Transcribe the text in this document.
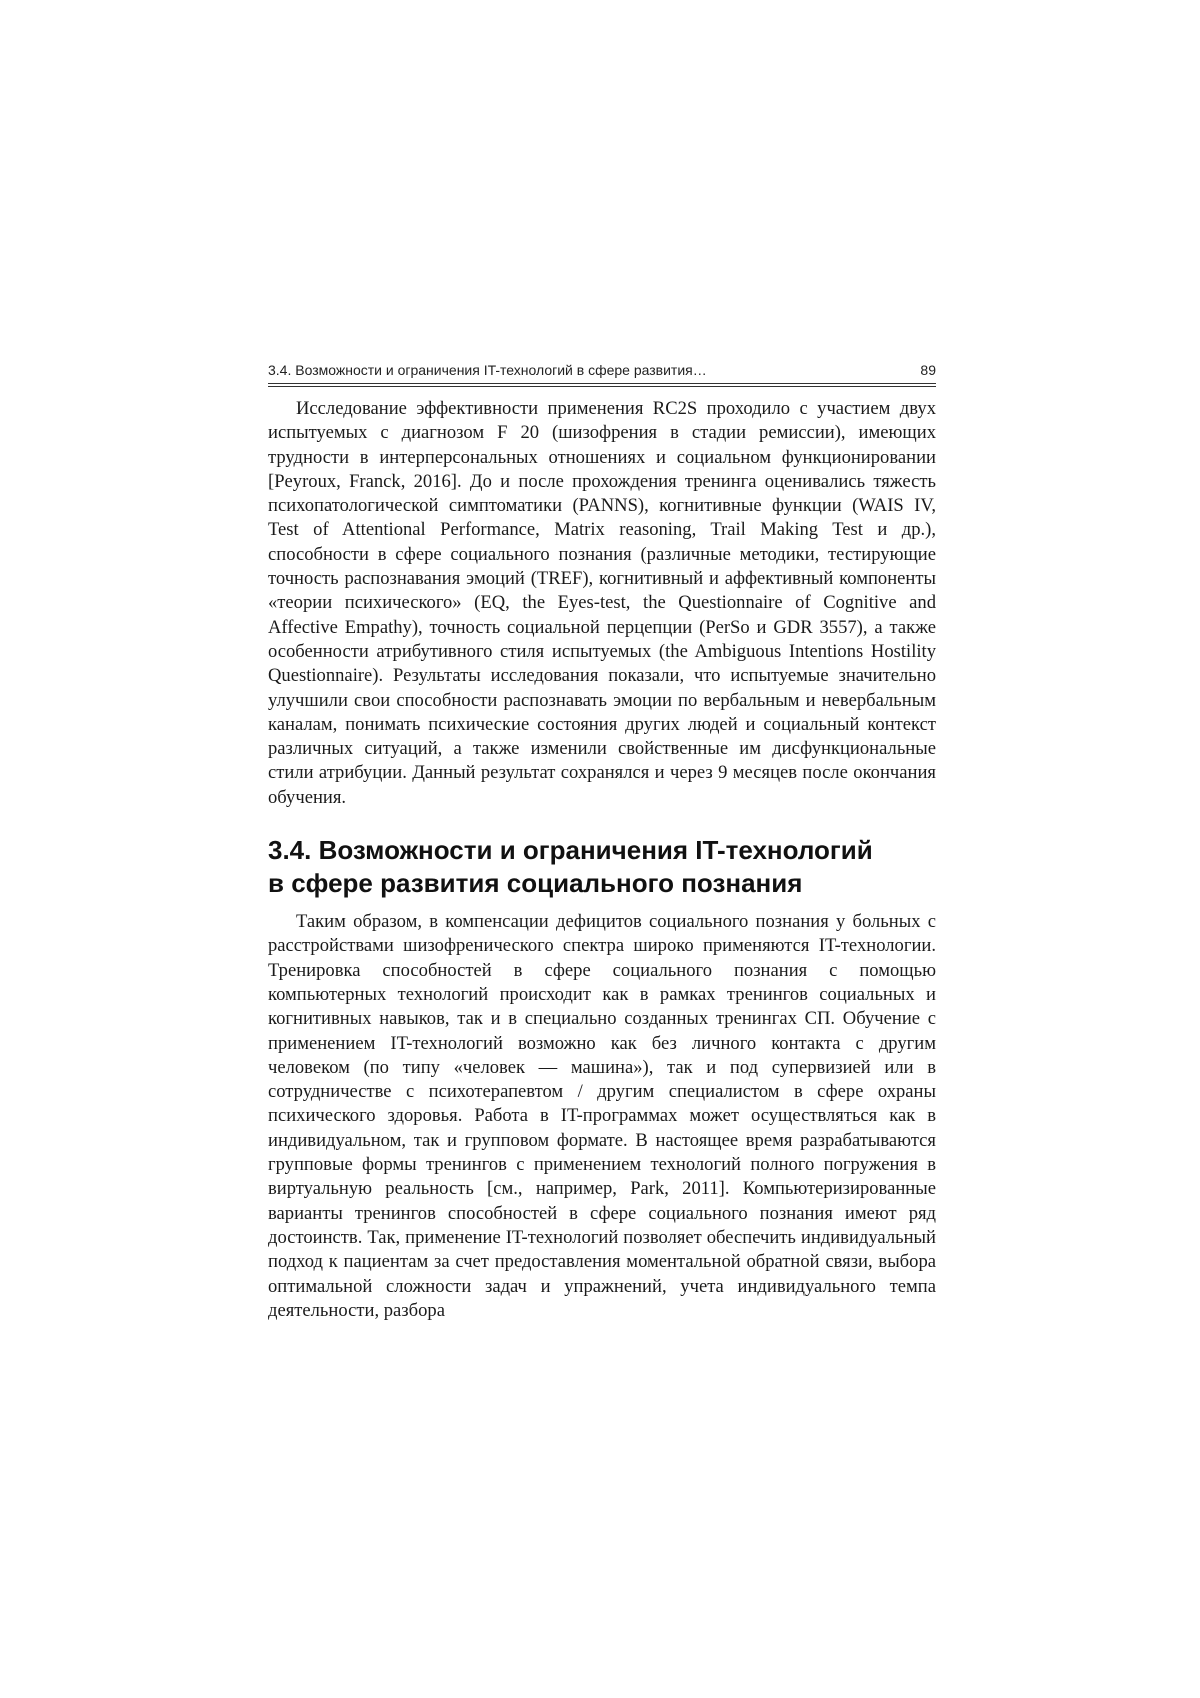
3.4. Возможности и ограничения IT-технологий в сфере развития…	89

Исследование эффективности применения RC2S проходило с участием двух испытуемых с диагнозом F 20 (шизофрения в стадии ремиссии), имеющих трудности в интерперсональных отношениях и социальном функционировании [Peyroux, Franck, 2016]. До и после прохождения тренинга оценивались тяжесть психопатологической симптоматики (PANNS), когнитивные функции (WAIS IV, Test of Attentional Performance, Matrix reasoning, Trail Making Test и др.), способности в сфере социального познания (различные методики, тестирующие точность распознавания эмоций (TREF), когнитивный и аффективный компоненты «теории психического» (EQ, the Eyes-test, the Questionnaire of Cognitive and Affective Empathy), точность социальной перцепции (PerSo и GDR 3557), а также особенности атрибутивного стиля испытуемых (the Ambiguous Intentions Hostility Questionnaire). Результаты исследования показали, что испытуемые значительно улучшили свои способности распознавать эмоции по вербальным и невербальным каналам, понимать психические состояния других людей и социальный контекст различных ситуаций, а также изменили свойственные им дисфункциональные стили атрибуции. Данный результат сохранялся и через 9 месяцев после окончания обучения.

3.4. Возможности и ограничения IT-технологий
в сфере развития социального познания

Таким образом, в компенсации дефицитов социального познания у больных с расстройствами шизофренического спектра широко применяются IT-технологии. Тренировка способностей в сфере социального познания с помощью компьютерных технологий происходит как в рамках тренингов социальных и когнитивных навыков, так и в специально созданных тренингах СП. Обучение с применением IT-технологий возможно как без личного контакта с другим человеком (по типу «человек — машина»), так и под супервизией или в сотрудничестве с психотерапевтом / другим специалистом в сфере охраны психического здоровья. Работа в IT-программах может осуществляться как в индивидуальном, так и групповом формате. В настоящее время разрабатываются групповые формы тренингов с применением технологий полного погружения в виртуальную реальность [см., например, Park, 2011]. Компьютеризированные варианты тренингов способностей в сфере социального познания имеют ряд достоинств. Так, применение IT-технологий позволяет обеспечить индивидуальный подход к пациентам за счет предоставления моментальной обратной связи, выбора оптимальной сложности задач и упражнений, учета индивидуального темпа деятельности, разбора
